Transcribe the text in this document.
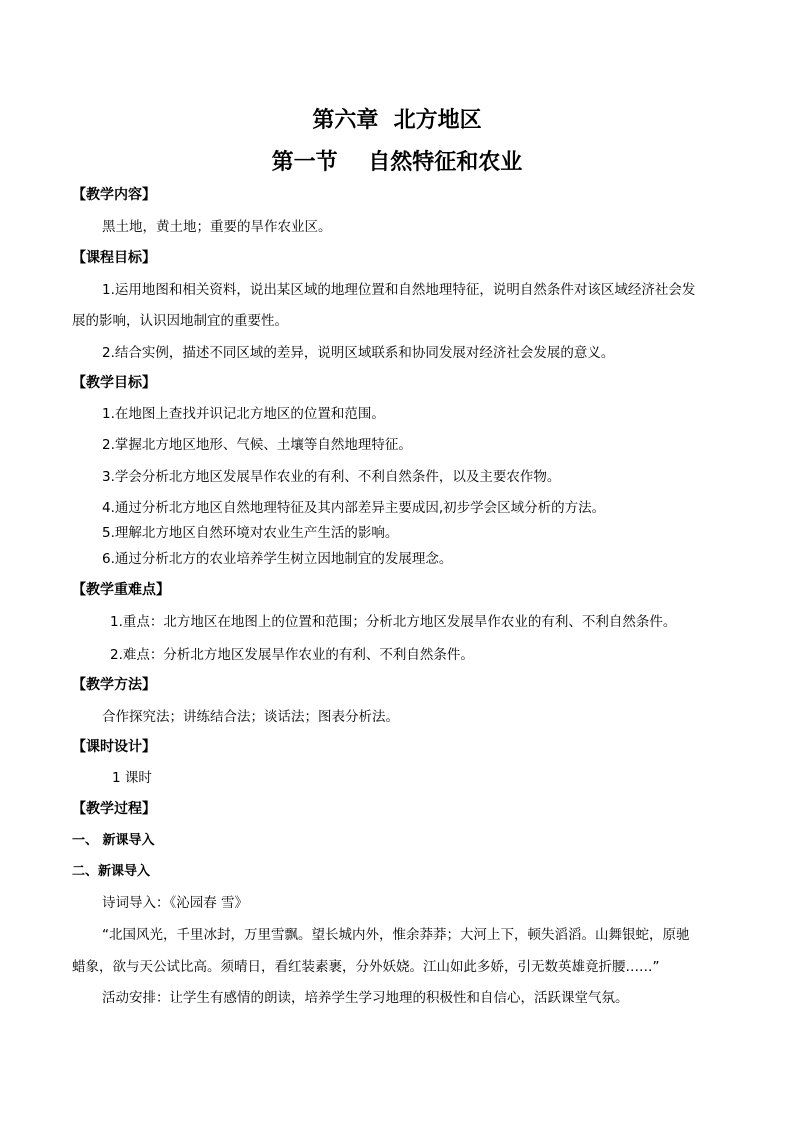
第六章  北方地区
第一节    自然特征和农业
【教学内容】
黑土地，黄土地；重要的旱作农业区。
【课程目标】
1.运用地图和相关资料，说出某区域的地理位置和自然地理特征，说明自然条件对该区域经济社会发
展的影响，认识因地制宜的重要性。
2.结合实例，描述不同区域的差异，说明区域联系和协同发展对经济社会发展的意义。
【教学目标】
1.在地图上查找并识记北方地区的位置和范围。
2.掌握北方地区地形、气候、土壤等自然地理特征。
3.学会分析北方地区发展旱作农业的有利、不利自然条件，以及主要农作物。
4.通过分析北方地区自然地理特征及其内部差异主要成因,初步学会区域分析的方法。
5.理解北方地区自然环境对农业生产生活的影响。
6.通过分析北方的农业培养学生树立因地制宜的发展理念。
【教学重难点】
1.重点：北方地区在地图上的位置和范围；分析北方地区发展旱作农业的有利、不利自然条件。
2.难点：分析北方地区发展旱作农业的有利、不利自然条件。
【教学方法】
合作探究法；讲练结合法；谈话法；图表分析法。
【课时设计】
1 课时
【教学过程】
一、 新课导入
二、新课导入
诗词导入：《沁园春 雪》
“北国风光，千里冰封，万里雪飘。望长城内外，惟余莽莽；大河上下，顿失滔滔。山舞银蛇，原驰
蜡象，欲与天公试比高。须晴日，看红装素裹，分外妖娆。江山如此多娇，引无数英雄竟折腰……”
活动安排：让学生有感情的朗读，培养学生学习地理的积极性和自信心，活跃课堂气氛。
